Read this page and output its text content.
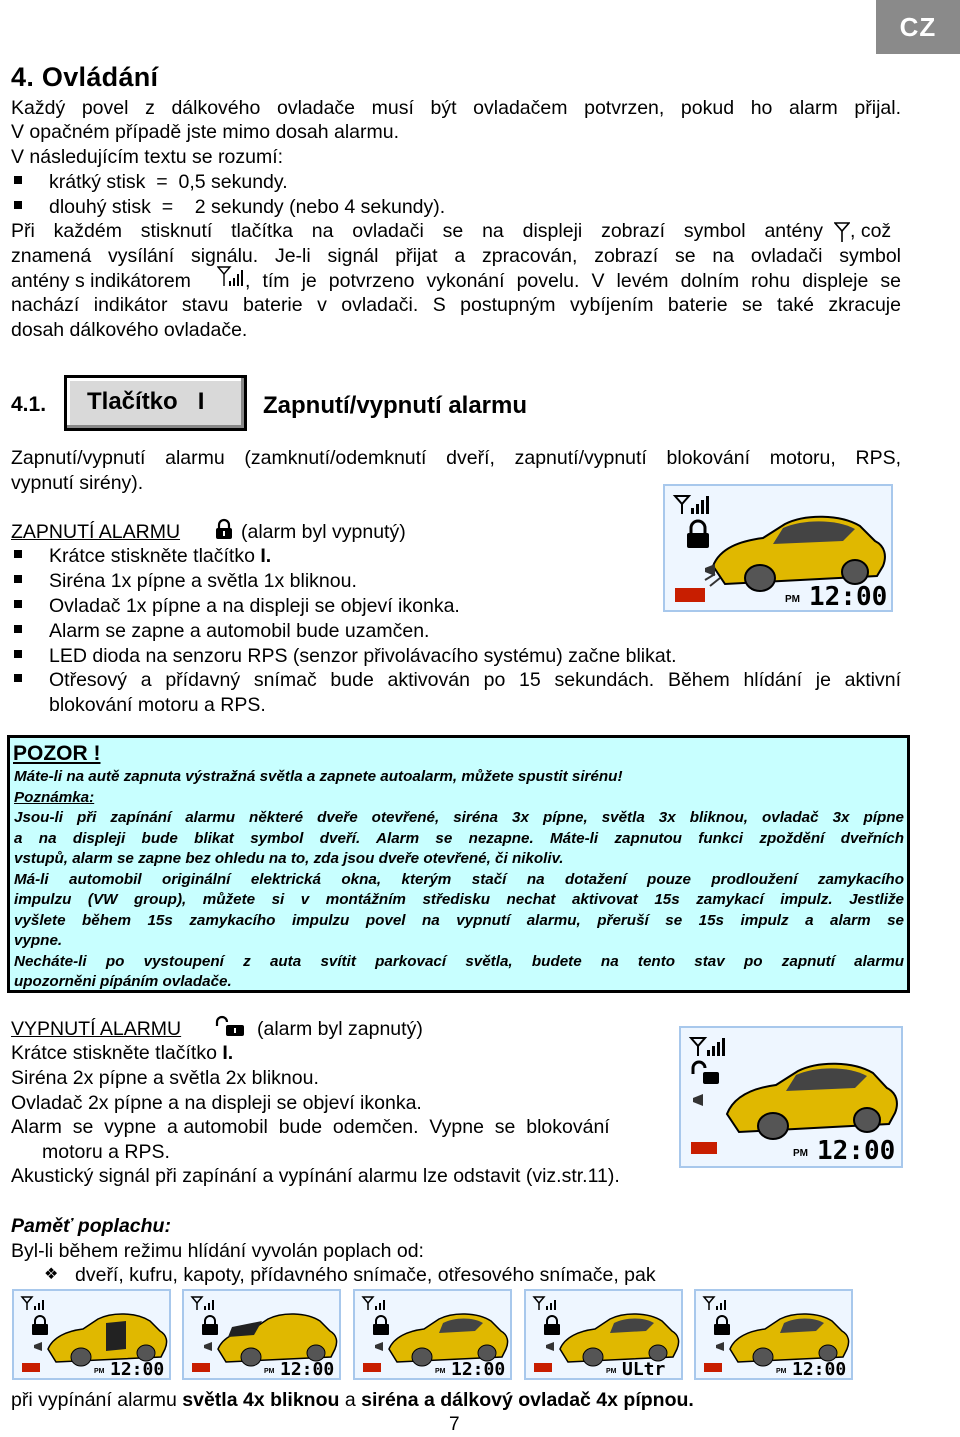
CZ
4. Ovládání
Každý povel z dálkového ovladače musí být ovladačem potvrzen, pokud ho alarm přijal.
V opačném případě jste mimo dosah alarmu.
V následujícím textu se rozumí:
krátký stisk  =  0,5 sekundy.
dlouhý stisk  =    2 sekundy (nebo 4 sekundy).
Při každém stisknutí tlačítka na ovladači se na displeji zobrazí symbol antény , což
znamená vysílání signálu. Je-li signál přijat a zpracován, zobrazí se na ovladači symbol
antény s indikátorem	, tím je potvrzeno vykonání povelu. V levém dolním rohu displeje se
nachází indikátor stavu baterie v ovladači. S postupným vybíjením baterie se také zkracuje
dosah dálkového ovladače.
4.1. Tlačítko   I Zapnutí/vypnutí alarmu
Zapnutí/vypnutí alarmu (zamknutí/odemknutí dveří, zapnutí/vypnutí blokování motoru, RPS,
vypnutí sirény).
ZAPNUTÍ ALARMU	(alarm byl vypnutý)
Krátce stiskněte tlačítko I.
Siréna 1x pípne a světla 1x bliknou.
Ovladač 1x pípne a na displeji se objeví ikonka.
Alarm se zapne a automobil bude uzamčen.
LED dioda na senzoru RPS (senzor přivolávacího systému) začne blikat.
Otřesový a přídavný snímač bude aktivován po 15 sekundách. Během hlídání je aktivní
blokování motoru a RPS.
PM 12:00
POZOR !
Máte-li na autě zapnuta výstražná světla a zapnete autoalarm, můžete spustit sirénu!
Poznámka:
Jsou-li při zapínání alarmu některé dveře otevřené, siréna 3x pípne, světla 3x bliknou, ovladač 3x pípne
a na displeji bude blikat symbol dveří. Alarm se nezapne. Máte-li zapnutou funkci zpoždění dveřních
vstupů, alarm se zapne bez ohledu na to, zda jsou dveře otevřené, či nikoliv.
Má-li automobil originální elektrická okna, kterým stačí na dotažení pouze prodloužení zamykacího
impulzu (VW group), můžete si v montážním středisku nechat aktivovat 15s zamykací impulz. Jestliže
vyšlete během 15s zamykacího impulzu povel na vypnutí alarmu, přeruší se 15s impulz a alarm se
vypne.
Necháte-li po vystoupení z auta svítit parkovací světla, budete na tento stav po zapnutí alarmu
upozorněni pípáním ovladače.
VYPNUTÍ ALARMU	(alarm byl zapnutý)
Krátce stiskněte tlačítko I.
Siréna 2x pípne a světla 2x bliknou.
Ovladač 2x pípne a na displeji se objeví ikonka.
Alarm  se  vypne  a automobil  bude  odemčen.  Vypne  se  blokování
motoru a RPS.
Akustický signál při zapínání a vypínání alarmu lze odstavit (viz.str.11).
PM 12:00
Paměť poplachu:
Byl-li během režimu hlídání vyvolán poplach od:
❖ dveří, kufru, kapoty, přídavného snímače, otřesového snímače, pak
PM 12:00	PM 12:00	PM 12:00	PM ULtr	PM 12:00
při vypínání alarmu světla 4x bliknou a siréna a dálkový ovladač 4x pípnou.
7
